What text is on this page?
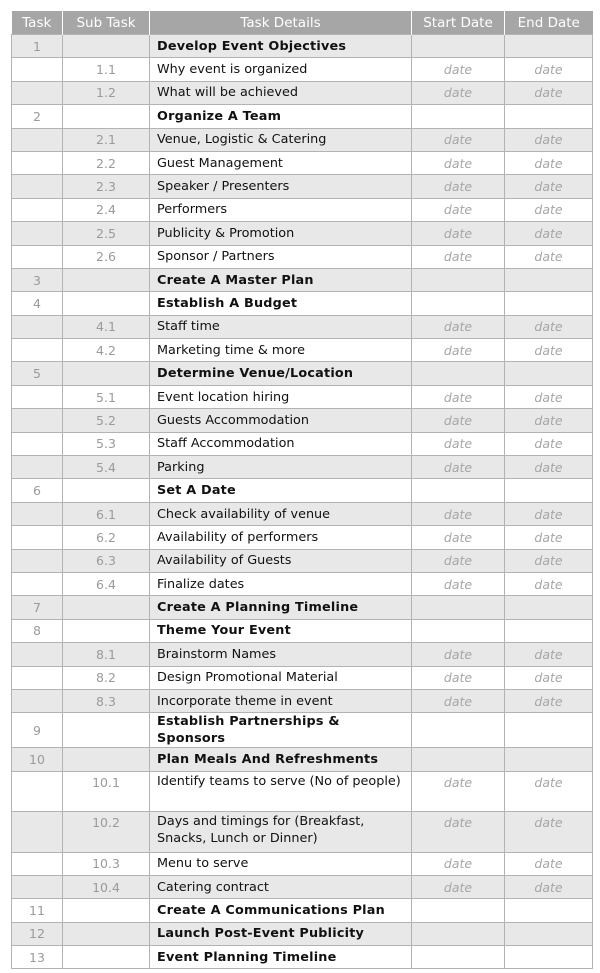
Task	Sub Task	Task Details	Start Date	End Date
1		Develop Event Objectives		
	1.1	Why event is organized	date	date
	1.2	What will be achieved	date	date
2		Organize A Team		
	2.1	Venue, Logistic & Catering	date	date
	2.2	Guest Management	date	date
	2.3	Speaker / Presenters	date	date
	2.4	Performers	date	date
	2.5	Publicity & Promotion	date	date
	2.6	Sponsor / Partners	date	date
3		Create A Master Plan		
4		Establish A Budget		
	4.1	Staff time	date	date
	4.2	Marketing time & more	date	date
5		Determine Venue/Location		
	5.1	Event location hiring	date	date
	5.2	Guests Accommodation	date	date
	5.3	Staff Accommodation	date	date
	5.4	Parking	date	date
6		Set A Date		
	6.1	Check availability of venue	date	date
	6.2	Availability of performers	date	date
	6.3	Availability of Guests	date	date
	6.4	Finalize dates	date	date
7		Create A Planning Timeline		
8		Theme Your Event		
	8.1	Brainstorm Names	date	date
	8.2	Design Promotional Material	date	date
	8.3	Incorporate theme in event	date	date
9		Establish Partnerships & Sponsors		
10		Plan Meals And Refreshments		
	10.1	Identify teams to serve (No of people)	date	date
	10.2	Days and timings for (Breakfast, Snacks, Lunch or Dinner)	date	date
	10.3	Menu to serve	date	date
	10.4	Catering contract	date	date
11		Create A Communications Plan		
12		Launch Post-Event Publicity		
13		Event Planning Timeline		
